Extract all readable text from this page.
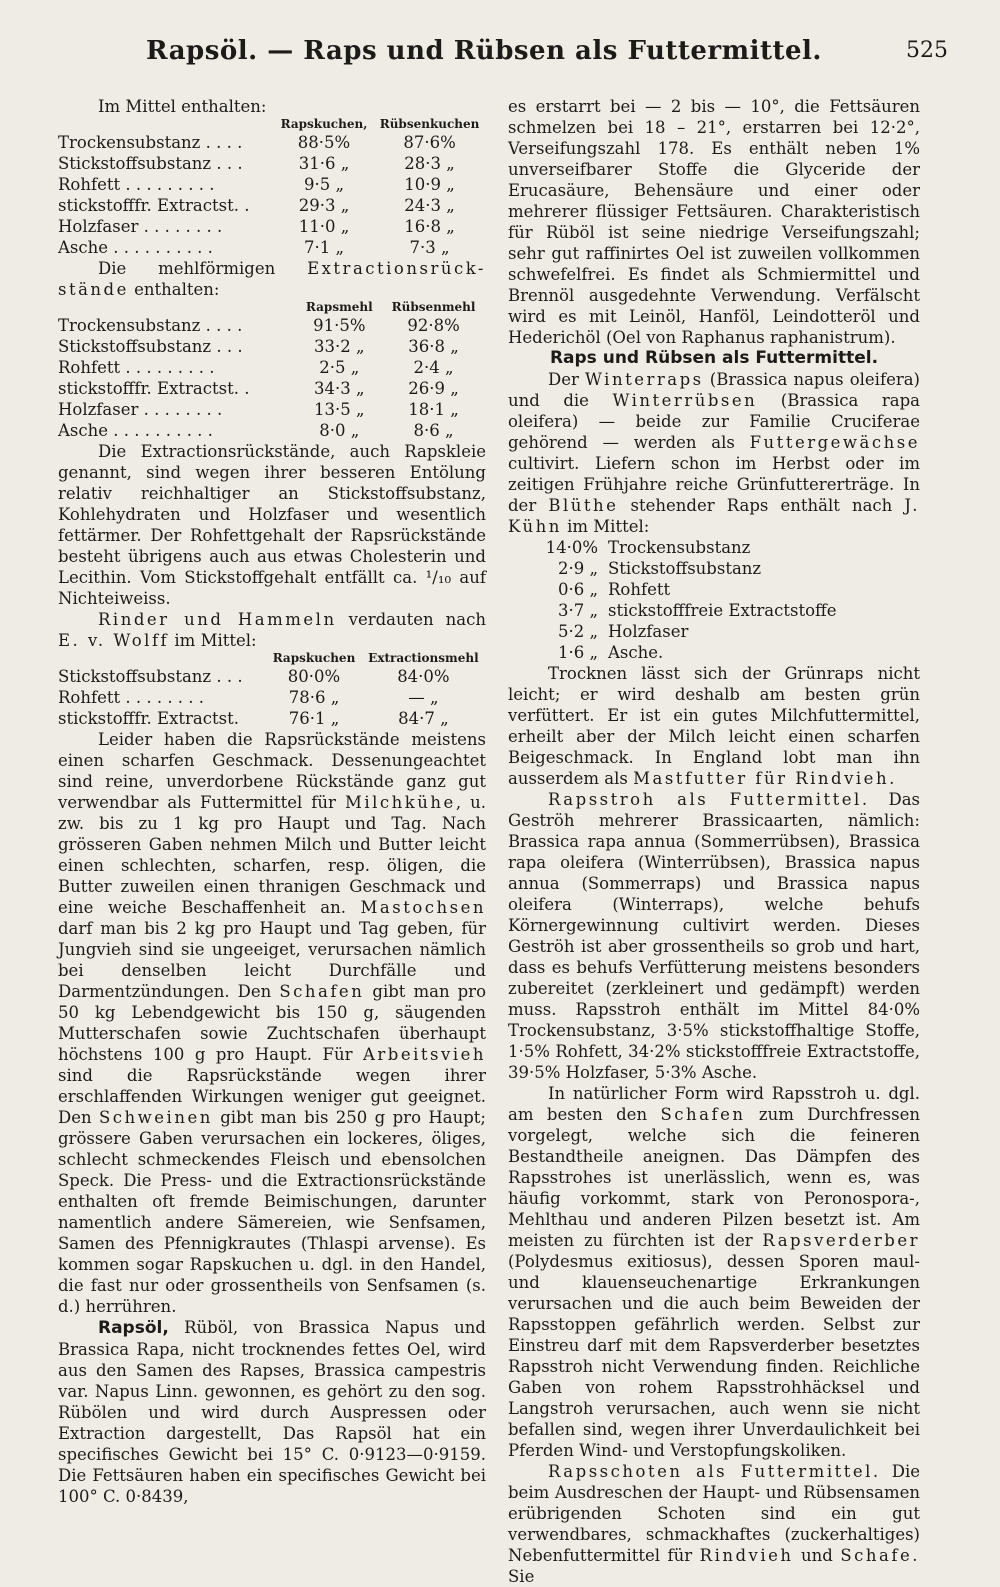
Rapsöl. — Raps und Rübsen als Futtermittel.	525

Im Mittel enthalten:

	Rapskuchen,	Rübsenkuchen
Trockensubstanz . . . .	88·5%	87·6%
Stickstoffsubstanz . . .	31·6 „	28·3 „
Rohfett . . . . . . . . .	9·5 „	10·9 „
stickstofffr. Extractst. .	29·3 „	24·3 „
Holzfaser . . . . . . . .	11·0 „	16·8 „
Asche . . . . . . . . . .	7·1 „	7·3 „

Die mehlförmigen Extractionsrück-stände enthalten:

	Rapsmehl	Rübsenmehl
Trockensubstanz . . . .	91·5%	92·8%
Stickstoffsubstanz . . .	33·2 „	36·8 „
Rohfett . . . . . . . . .	2·5 „	2·4 „
stickstofffr. Extractst. .	34·3 „	26·9 „
Holzfaser . . . . . . . .	13·5 „	18·1 „
Asche . . . . . . . . . .	8·0 „	8·6 „

Die Extractionsrückstände, auch Rapskleie genannt, sind wegen ihrer besseren Entölung relativ reichhaltiger an Stickstoffsubstanz, Kohlehydraten und Holzfaser und wesentlich fettärmer. Der Rohfettgehalt der Rapsrückstände besteht übrigens auch aus etwas Cholesterin und Lecithin. Vom Stickstoffgehalt entfällt ca. ¹/₁₀ auf Nichteiweiss.

Rinder und Hammeln verdauten nach E. v. Wolff im Mittel:

	Rapskuchen	Extractionsmehl
Stickstoffsubstanz . . .	80·0%	84·0%
Rohfett . . . . . . . .	78·6 „	— „
stickstofffr. Extractst.	76·1 „	84·7 „

Leider haben die Rapsrückstände meistens einen scharfen Geschmack. Dessenungeachtet sind reine, unverdorbene Rückstände ganz gut verwendbar als Futtermittel für Milchkühe, u. zw. bis zu 1 kg pro Haupt und Tag. Nach grösseren Gaben nehmen Milch und Butter leicht einen schlechten, scharfen, resp. öligen, die Butter zuweilen einen thranigen Geschmack und eine weiche Beschaffenheit an. Mastochsen darf man bis 2 kg pro Haupt und Tag geben, für Jungvieh sind sie ungeeiget, verursachen nämlich bei denselben leicht Durchfälle und Darmentzündungen. Den Schafen gibt man pro 50 kg Lebendgewicht bis 150 g, säugenden Mutterschafen sowie Zuchtschafen überhaupt höchstens 100 g pro Haupt. Für Arbeitsvieh sind die Rapsrückstände wegen ihrer erschlaffenden Wirkungen weniger gut geeignet. Den Schweinen gibt man bis 250 g pro Haupt; grössere Gaben verursachen ein lockeres, öliges, schlecht schmeckendes Fleisch und ebensolchen Speck. Die Press- und die Extractionsrückstände enthalten oft fremde Beimischungen, darunter namentlich andere Sämereien, wie Senfsamen, Samen des Pfennigkrautes (Thlaspi arvense). Es kommen sogar Rapskuchen u. dgl. in den Handel, die fast nur oder grossentheils von Senfsamen (s. d.) herrühren.

Rapsöl, Rüböl, von Brassica Napus und Brassica Rapa, nicht trocknendes fettes Oel, wird aus den Samen des Rapses, Brassica campestris var. Napus Linn. gewonnen, es gehört zu den sog. Rübölen und wird durch Auspressen oder Extraction dargestellt, Das Rapsöl hat ein specifisches Gewicht bei 15° C. 0·9123—0·9159. Die Fettsäuren haben ein specifisches Gewicht bei 100° C. 0·8439,

es erstarrt bei — 2 bis — 10°, die Fettsäuren schmelzen bei 18 – 21°, erstarren bei 12·2°, Verseifungszahl 178. Es enthält neben 1% unverseifbarer Stoffe die Glyceride der Erucasäure, Behensäure und einer oder mehrerer flüssiger Fettsäuren. Charakteristisch für Rüböl ist seine niedrige Verseifungszahl; sehr gut raffinirtes Oel ist zuweilen vollkommen schwefelfrei. Es findet als Schmiermittel und Brennöl ausgedehnte Verwendung. Verfälscht wird es mit Leinöl, Hanföl, Leindotteröl und Hederichöl (Oel von Raphanus raphanistrum).

Raps und Rübsen als Futtermittel.

Der Winterraps (Brassica napus oleifera) und die Winterrübsen (Brassica rapa oleifera) — beide zur Familie Cruciferae gehörend — werden als Futtergewächse cultivirt. Liefern schon im Herbst oder im zeitigen Frühjahre reiche Grünfuttererträge. In der Blüthe stehender Raps enthält nach J. Kühn im Mittel:

14·0%	Trockensubstanz
2·9 „	Stickstoffsubstanz
0·6 „	Rohfett
3·7 „	stickstofffreie Extractstoffe
5·2 „	Holzfaser
1·6 „	Asche.

Trocknen lässt sich der Grünraps nicht leicht; er wird deshalb am besten grün verfüttert. Er ist ein gutes Milchfuttermittel, erheilt aber der Milch leicht einen scharfen Beigeschmack. In England lobt man ihn ausserdem als Mastfutter für Rindvieh.

Rapsstroh als Futtermittel. Das Geströh mehrerer Brassicaarten, nämlich: Brassica rapa annua (Sommerrübsen), Brassica rapa oleifera (Winterrübsen), Brassica napus annua (Sommerraps) und Brassica napus oleifera (Winterraps), welche behufs Körnergewinnung cultivirt werden. Dieses Geströh ist aber grossentheils so grob und hart, dass es behufs Verfütterung meistens besonders zubereitet (zerkleinert und gedämpft) werden muss. Rapsstroh enthält im Mittel 84·0% Trockensubstanz, 3·5% stickstoffhaltige Stoffe, 1·5% Rohfett, 34·2% stickstofffreie Extractstoffe, 39·5% Holzfaser, 5·3% Asche.

In natürlicher Form wird Rapsstroh u. dgl. am besten den Schafen zum Durchfressen vorgelegt, welche sich die feineren Bestandtheile aneignen. Das Dämpfen des Rapsstrohes ist unerlässlich, wenn es, was häufig vorkommt, stark von Peronospora-, Mehlthau und anderen Pilzen besetzt ist. Am meisten zu fürchten ist der Rapsverderber (Polydesmus exitiosus), dessen Sporen maul- und klauenseuchenartige Erkrankungen verursachen und die auch beim Beweiden der Rapsstoppen gefährlich werden. Selbst zur Einstreu darf mit dem Rapsverderber besetztes Rapsstroh nicht Verwendung finden. Reichliche Gaben von rohem Rapsstrohhäcksel und Langstroh verursachen, auch wenn sie nicht befallen sind, wegen ihrer Unverdaulichkeit bei Pferden Wind- und Verstopfungskoliken.

Rapsschoten als Futtermittel. Die beim Ausdreschen der Haupt- und Rübsensamen erübrigenden Schoten sind ein gut verwendbares, schmackhaftes (zuckerhaltiges) Nebenfuttermittel für Rindvieh und Schafe. Sie
